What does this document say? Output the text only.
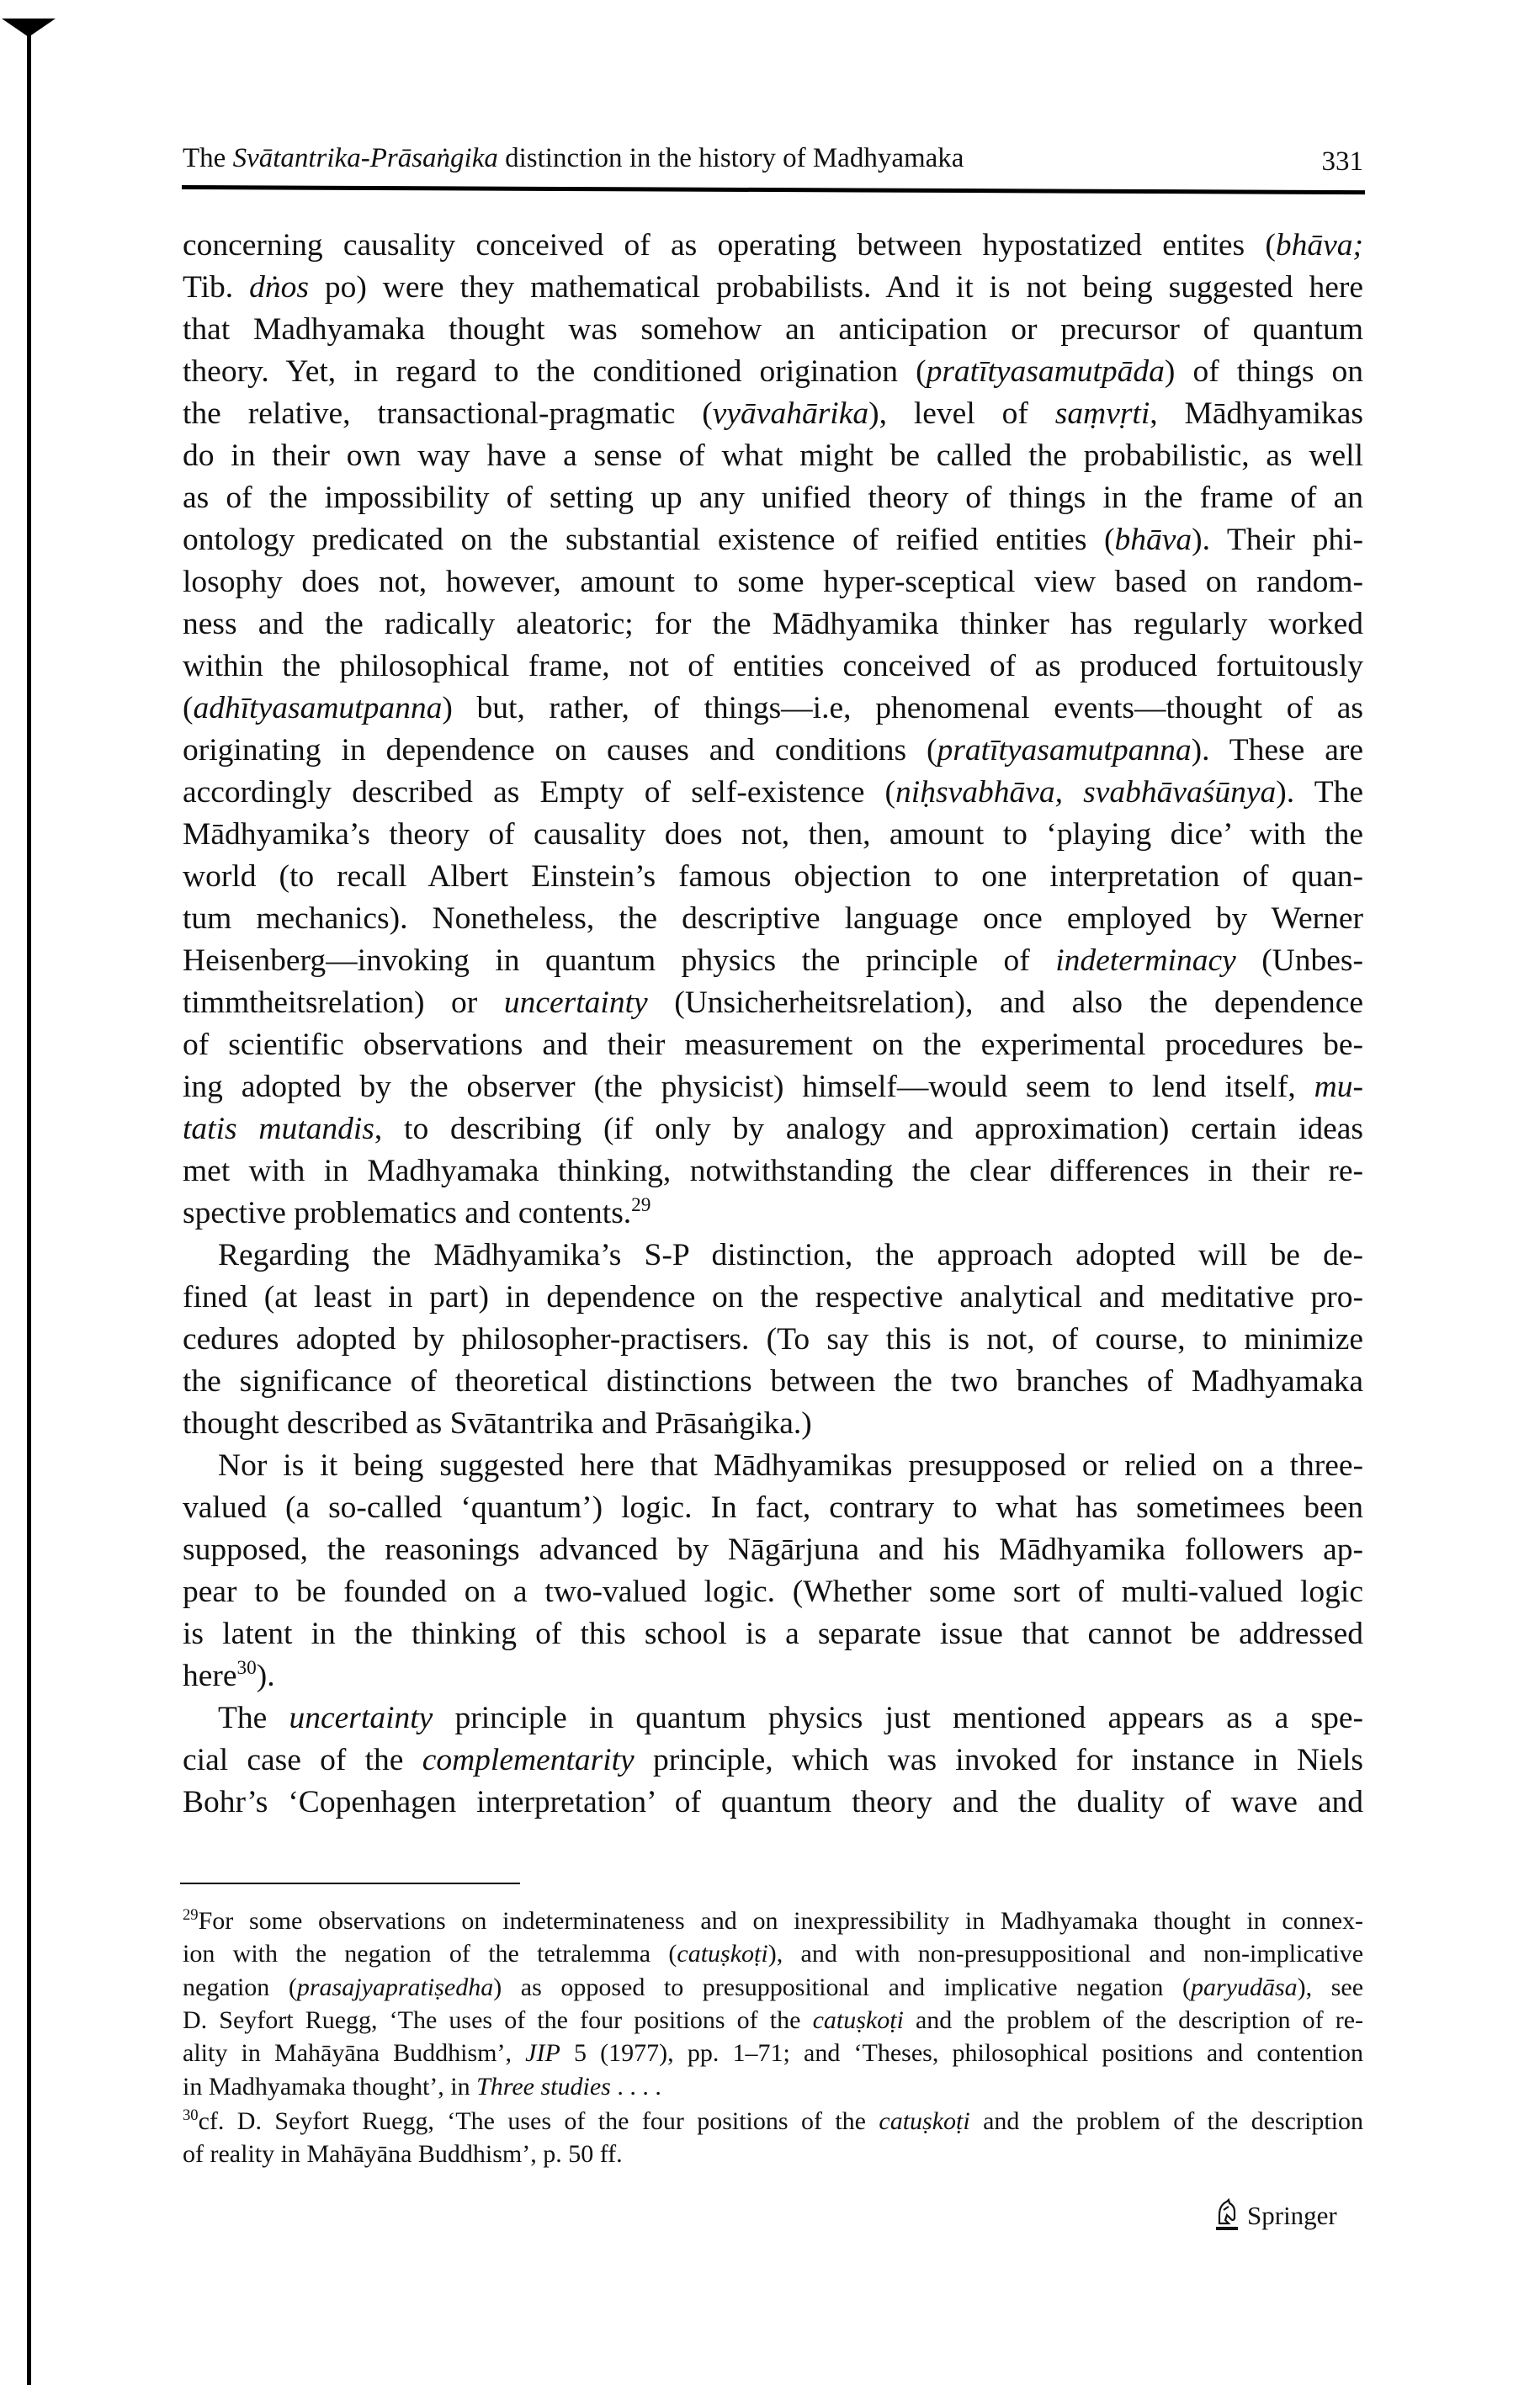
The Svātantrika-Prāsaṅgika distinction in the history of Madhyamaka	331
concerning causality conceived of as operating between hypostatized entites (bhāva;
Tib. dṅos po) were they mathematical probabilists. And it is not being suggested here
that Madhyamaka thought was somehow an anticipation or precursor of quantum
theory. Yet, in regard to the conditioned origination (pratītyasamutpāda) of things on
the relative, transactional-pragmatic (vyāvahārika), level of saṃvṛti, Mādhyamikas
do in their own way have a sense of what might be called the probabilistic, as well
as of the impossibility of setting up any unified theory of things in the frame of an
ontology predicated on the substantial existence of reified entities (bhāva). Their phi-
losophy does not, however, amount to some hyper-sceptical view based on random-
ness and the radically aleatoric; for the Mādhyamika thinker has regularly worked
within the philosophical frame, not of entities conceived of as produced fortuitously
(adhītyasamutpanna) but, rather, of things—i.e, phenomenal events—thought of as
originating in dependence on causes and conditions (pratītyasamutpanna). These are
accordingly described as Empty of self-existence (niḥsvabhāva, svabhāvaśūnya). The
Mādhyamika’s theory of causality does not, then, amount to ‘playing dice’ with the
world (to recall Albert Einstein’s famous objection to one interpretation of quan-
tum mechanics). Nonetheless, the descriptive language once employed by Werner
Heisenberg—invoking in quantum physics the principle of indeterminacy (Unbes-
timmtheitsrelation) or uncertainty (Unsicherheitsrelation), and also the dependence
of scientific observations and their measurement on the experimental procedures be-
ing adopted by the observer (the physicist) himself—would seem to lend itself, mu-
tatis mutandis, to describing (if only by analogy and approximation) certain ideas
met with in Madhyamaka thinking, notwithstanding the clear differences in their re-
spective problematics and contents.$^{29}$
Regarding the Mādhyamika’s S-P distinction, the approach adopted will be de-
fined (at least in part) in dependence on the respective analytical and meditative pro-
cedures adopted by philosopher-practisers. (To say this is not, of course, to minimize
the significance of theoretical distinctions between the two branches of Madhyamaka
thought described as Svātantrika and Prāsaṅgika.)
Nor is it being suggested here that Mādhyamikas presupposed or relied on a three-
valued (a so-called ‘quantum’) logic. In fact, contrary to what has sometimees been
supposed, the reasonings advanced by Nāgārjuna and his Mādhyamika followers ap-
pear to be founded on a two-valued logic. (Whether some sort of multi-valued logic
is latent in the thinking of this school is a separate issue that cannot be addressed
here$^{30}$).
The uncertainty principle in quantum physics just mentioned appears as a spe-
cial case of the complementarity principle, which was invoked for instance in Niels
Bohr’s ‘Copenhagen interpretation’ of quantum theory and the duality of wave and
$^{29}$For some observations on indeterminateness and on inexpressibility in Madhyamaka thought in connex-
ion with the negation of the tetralemma (catuṣkoṭi), and with non-presuppositional and non-implicative
negation (prasajyapratiṣedha) as opposed to presuppositional and implicative negation (paryudāsa), see
D. Seyfort Ruegg, ‘The uses of the four positions of the catuṣkoṭi and the problem of the description of re-
ality in Mahāyāna Buddhism’, JIP 5 (1977), pp. 1–71; and ‘Theses, philosophical positions and contention
in Madhyamaka thought’, in Three studies . . . .
$^{30}$cf. D. Seyfort Ruegg, ‘The uses of the four positions of the catuṣkoṭi and the problem of the description
of reality in Mahāyāna Buddhism’, p. 50 ff.
Springer
